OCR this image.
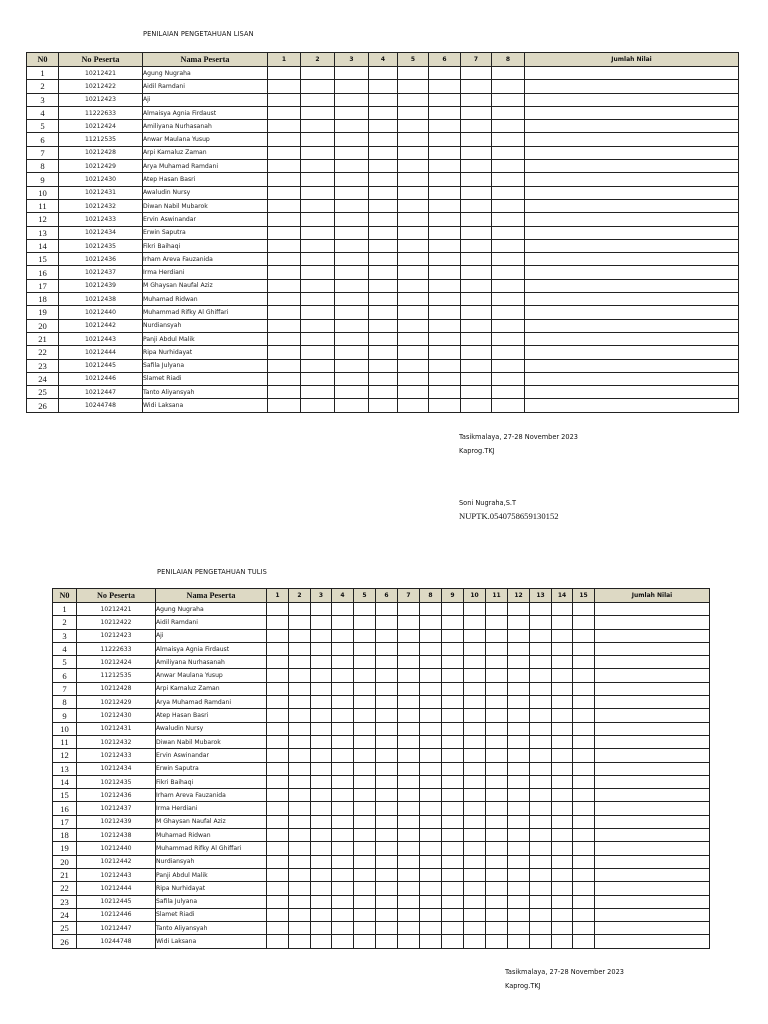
PENILAIAN PENGETAHUAN LISAN
N0	No Peserta	Nama Peserta	1	2	3	4	5	6	7	8	Jumlah Nilai
1	10212421	Agung Nugraha									
2	10212422	Aidil Ramdani									
3	10212423	Aji									
4	11222633	Almaisya Agnia Firdaust									
5	10212424	Amiliyana Nurhasanah									
6	11212535	Anwar Maulana Yusup									
7	10212428	Arpi Kamaluz Zaman									
8	10212429	Arya Muhamad Ramdani									
9	10212430	Atep Hasan Basri									
10	10212431	Awaludin Nursy									
11	10212432	Diwan Nabil Mubarok									
12	10212433	Ervin Aswinandar									
13	10212434	Erwin Saputra									
14	10212435	Fikri Baihaqi									
15	10212436	Irham Areva Fauzanida									
16	10212437	Irma Herdiani									
17	10212439	M Ghaysan Naufal Aziz									
18	10212438	Muhamad Ridwan									
19	10212440	Muhammad Rifky Al Ghiffari									
20	10212442	Nurdiansyah									
21	10212443	Panji Abdul Malik									
22	10212444	Ripa Nurhidayat									
23	10212445	Safila Julyana									
24	10212446	Slamet Riadi									
25	10212447	Tanto Aliyansyah									
26	10244748	Widi Laksana									
Tasikmalaya, 27-28 November 2023
Kaprog.TKJ
Soni Nugraha,S.T
NUPTK.0540758659130152
PENILAIAN PENGETAHUAN TULIS
N0	No Peserta	Nama Peserta	1	2	3	4	5	6	7	8	9	10	11	12	13	14	15	Jumlah Nilai
1	10212421	Agung Nugraha																
2	10212422	Aidil Ramdani																
3	10212423	Aji																
4	11222633	Almaisya Agnia Firdaust																
5	10212424	Amiliyana Nurhasanah																
6	11212535	Anwar Maulana Yusup																
7	10212428	Arpi Kamaluz Zaman																
8	10212429	Arya Muhamad Ramdani																
9	10212430	Atep Hasan Basri																
10	10212431	Awaludin Nursy																
11	10212432	Diwan Nabil Mubarok																
12	10212433	Ervin Aswinandar																
13	10212434	Erwin Saputra																
14	10212435	Fikri Baihaqi																
15	10212436	Irham Areva Fauzanida																
16	10212437	Irma Herdiani																
17	10212439	M Ghaysan Naufal Aziz																
18	10212438	Muhamad Ridwan																
19	10212440	Muhammad Rifky Al Ghiffari																
20	10212442	Nurdiansyah																
21	10212443	Panji Abdul Malik																
22	10212444	Ripa Nurhidayat																
23	10212445	Safila Julyana																
24	10212446	Slamet Riadi																
25	10212447	Tanto Aliyansyah																
26	10244748	Widi Laksana																
Tasikmalaya, 27-28 November 2023
Kaprog.TKJ
